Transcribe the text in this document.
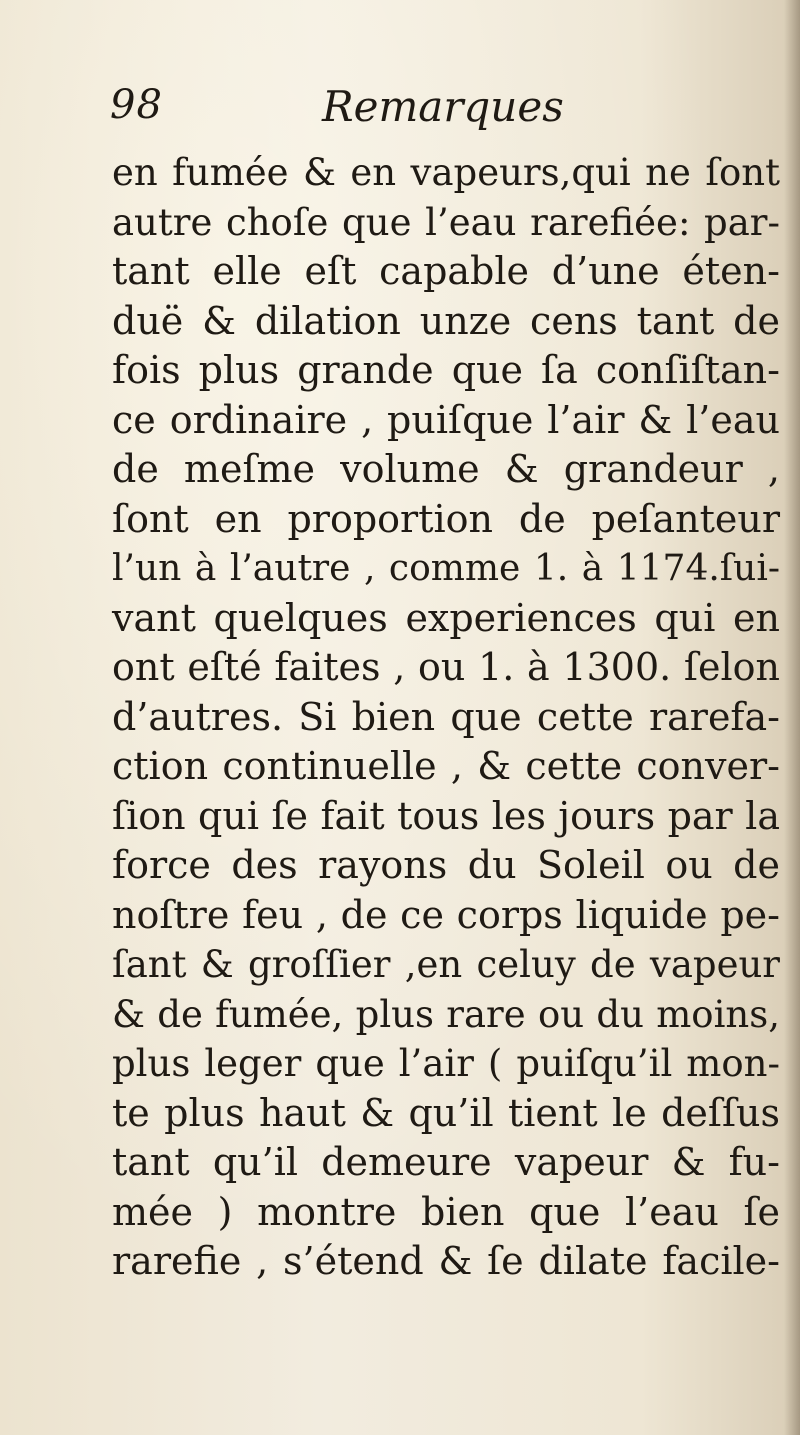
98	Remarques
en fumée & en vapeurs,qui ne ſont
autre choſe que l’eau rarefiée: par-
tant elle eſt capable d’une éten-
duë & dilation unze cens tant de
fois plus grande que ſa conſiſtan-
ce ordinaire , puiſque l’air & l’eau
de meſme volume & grandeur ,
ſont en proportion de peſanteur
l’un à l’autre , comme 1. à 1174.ſui-
vant quelques experiences qui en
ont eſté faites , ou 1. à 1300. ſelon
d’autres. Si bien que cette rarefa-
ction continuelle , & cette conver-
ſion qui ſe fait tous les jours par la
force des rayons du Soleil ou de
noſtre feu , de ce corps liquide pe-
ſant & groſſier ,en celuy de vapeur
& de fumée, plus rare ou du moins,
plus leger que l’air ( puiſqu’il mon-
te plus haut & qu’il tient le deſſus
tant qu’il demeure vapeur & fu-
mée ) montre bien que l’eau ſe
rarefie , s’étend & ſe dilate facile-
